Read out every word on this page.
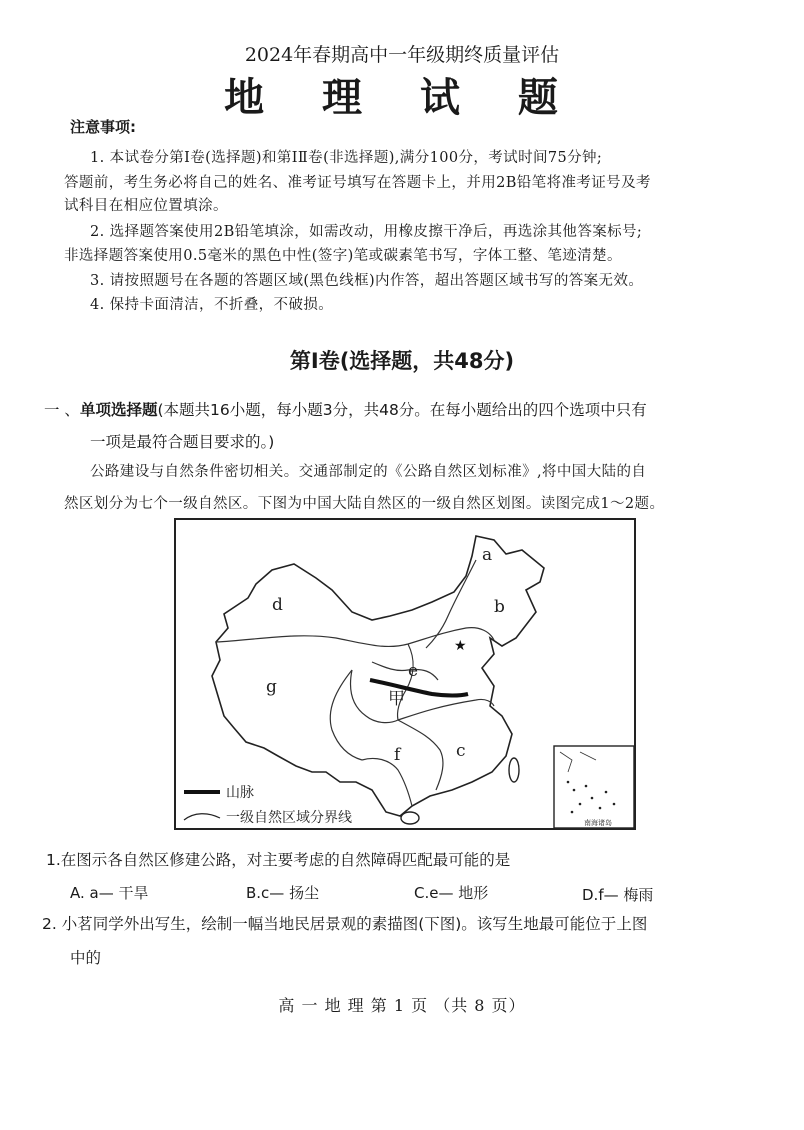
2024年春期高中一年级期终质量评估
地 理 试 题
注意事项:
1. 本试卷分第Ⅰ卷(选择题)和第ⅠⅡ卷(非选择题),满分100分，考试时间75分钟;
答题前，考生务必将自己的姓名、准考证号填写在答题卡上，并用2B铅笔将准考证号及考
试科目在相应位置填涂。
2. 选择题答案使用2B铅笔填涂，如需改动，用橡皮擦干净后，再选涂其他答案标号;
非选择题答案使用0.5毫米的黑色中性(签字)笔或碳素笔书写，字体工整、笔迹清楚。
3. 请按照题号在各题的答题区域(黑色线框)内作答，超出答题区域书写的答案无效。
4. 保持卡面清洁，不折叠，不破损。
第Ⅰ卷(选择题，共48分)
一 、单项选择题(本题共16小题，每小题3分，共48分。在每小题给出的四个选项中只有
一项是最符合题目要求的。)
公路建设与自然条件密切相关。交通部制定的《公路自然区划标准》,将中国大陆的自
然区划分为七个一级自然区。下图为中国大陆自然区的一级自然区划图。读图完成1～2题。
★
a
b
c
d
e
f
g
甲
山脉
一级自然区域分界线	南海诸岛
1.在图示各自然区修建公路，对主要考虑的自然障碍匹配最可能的是
A. a— 干旱	B.c— 扬尘	C.e— 地形	D.f— 梅雨
2. 小茗同学外出写生，绘制一幅当地民居景观的素描图(下图)。该写生地最可能位于上图
中的
高 一 地 理 第 1 页 （共 8 页）
